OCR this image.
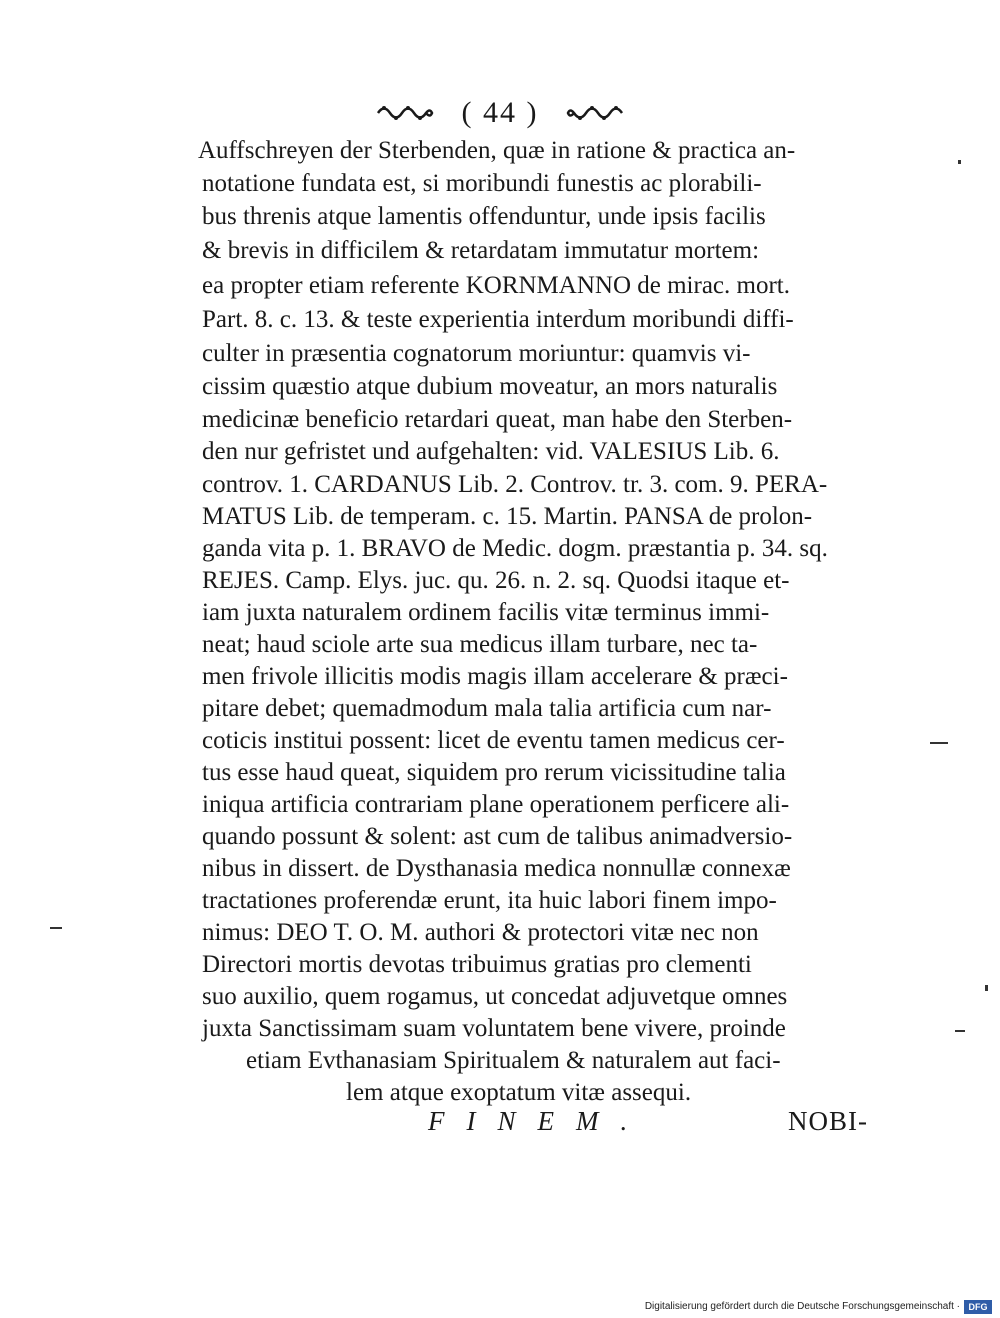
( 44 )
Auffschreyen der Sterbenden, quæ in ratione & practica an-
notatione fundata est, si moribundi funestis ac plorabili-
bus threnis atque lamentis offenduntur, unde ipsis facilis
& brevis in difficilem & retardatam immutatur mortem:
ea propter etiam referente KORNMANNO de mirac. mort.
Part. 8. c. 13. & teste experientia interdum moribundi diffi-
culter in præsentia cognatorum moriuntur: quamvis vi-
cissim quæstio atque dubium moveatur, an mors naturalis
medicinæ beneficio retardari queat, man habe den Sterben-
den nur gefristet und aufgehalten: vid. VALESIUS Lib. 6.
controv. 1. CARDANUS Lib. 2. Controv. tr. 3. com. 9. PERA-
MATUS Lib. de temperam. c. 15. Martin. PANSA de prolon-
ganda vita p. 1. BRAVO de Medic. dogm. præstantia p. 34. sq.
REJES. Camp. Elys. juc. qu. 26. n. 2. sq. Quodsi itaque et-
iam juxta naturalem ordinem facilis vitæ terminus immi-
neat; haud sciole arte sua medicus illam turbare, nec ta-
men frivole illicitis modis magis illam accelerare & præci-
pitare debet; quemadmodum mala talia artificia cum nar-
coticis institui possent: licet de eventu tamen medicus cer-
tus esse haud queat, siquidem pro rerum vicissitudine talia
iniqua artificia contrariam plane operationem perficere ali-
quando possunt & solent: ast cum de talibus animadversio-
nibus in dissert. de Dysthanasia medica nonnullæ connexæ
tractationes proferendæ erunt, ita huic labori finem impo-
nimus: DEO T. O. M. authori & protectori vitæ nec non
Directori mortis devotas tribuimus gratias pro clementi
suo auxilio, quem rogamus, ut concedat adjuvetque omnes
juxta Sanctissimam suam voluntatem bene vivere, proinde
etiam Evthanasiam Spiritualem & naturalem aut faci-
lem atque exoptatum vitæ assequi.
FINEM.	NOBI-
Digitalisierung gefördert durch die Deutsche Forschungsgemeinschaft · DFG
